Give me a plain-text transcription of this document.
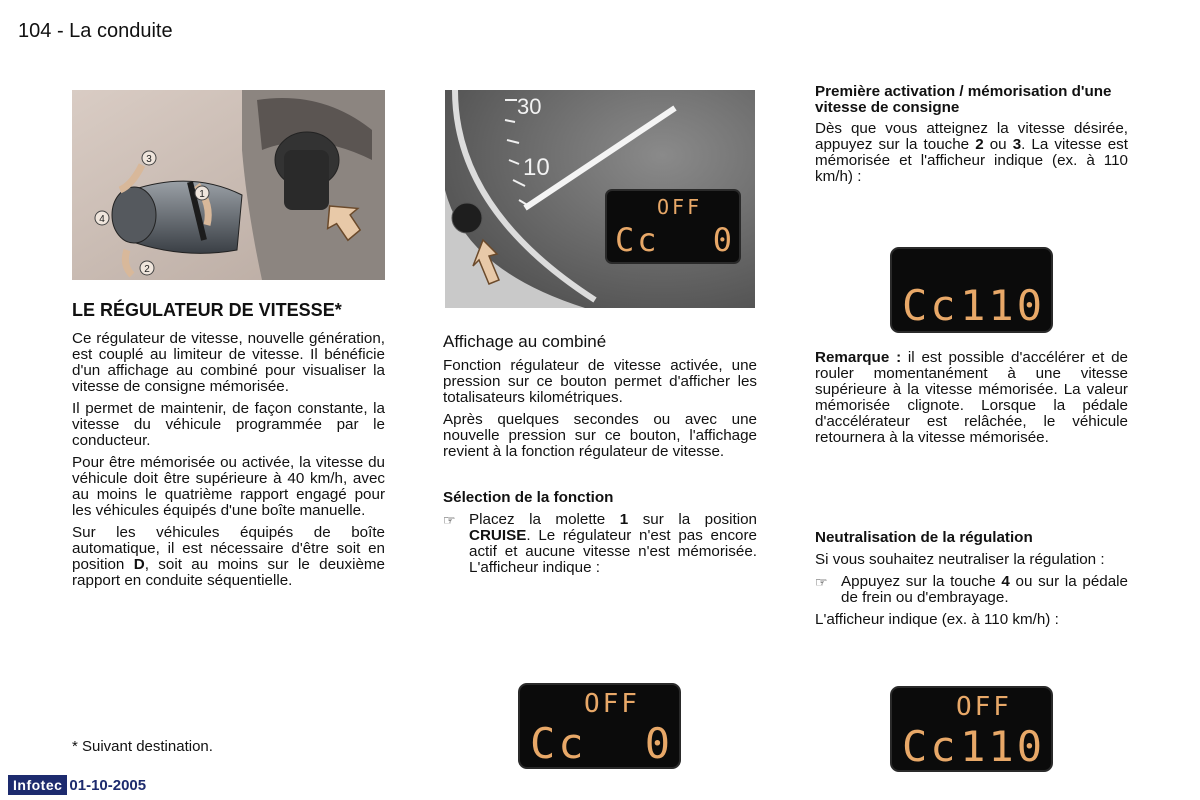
104 - La conduite
3
1
4
2
30
10
OFF
Cc 0
LE RÉGULATEUR DE VITESSE*

Ce régulateur de vitesse, nouvelle génération, est couplé au limiteur de vitesse. Il bénéficie d'un affichage au combiné pour visualiser la vitesse de consigne mémorisée.

Il permet de maintenir, de façon constante, la vitesse du véhicule programmée par le conducteur.

Pour être mémorisée ou activée, la vitesse du véhicule doit être supérieure à 40 km/h, avec au moins le quatrième rapport engagé pour les véhicules équipés d'une boîte manuelle.

Sur les véhicules équipés de boîte automatique, il est nécessaire d'être soit en position D, soit au moins sur le deuxième rapport en conduite séquentielle.

Affichage au combiné

Fonction régulateur de vitesse activée, une pression sur ce bouton permet d'afficher les totalisateurs kilométriques.

Après quelques secondes ou avec une nouvelle pression sur ce bouton, l'affichage revient à la fonction régulateur de vitesse.

Sélection de la fonction
☞ Placez la molette 1 sur la position CRUISE. Le régulateur n'est pas encore actif et aucune vitesse n'est mémorisée. L'afficheur indique :

Première activation / mémorisation d'une vitesse de consigne

Dès que vous atteignez la vitesse désirée, appuyez sur la touche 2 ou 3. La vitesse est mémorisée et l'afficheur indique (ex. à 110 km/h) :

Remarque : il est possible d'accélérer et de rouler momentanément à une vitesse supérieure à la vitesse mémorisée. La valeur mémorisée clignote. Lorsque la pédale d'accélérateur est relâchée, le véhicule retournera à la vitesse mémorisée.

Neutralisation de la régulation

Si vous souhaitez neutraliser la régulation :

☞ Appuyez sur la touche 4 ou sur la pédale de frein ou d'embrayage.

L'afficheur indique (ex. à 110 km/h) :

Cc 110
OFF
Cc 0
OFF
Cc 110
* Suivant destination.
Infotec 01-10-2005
